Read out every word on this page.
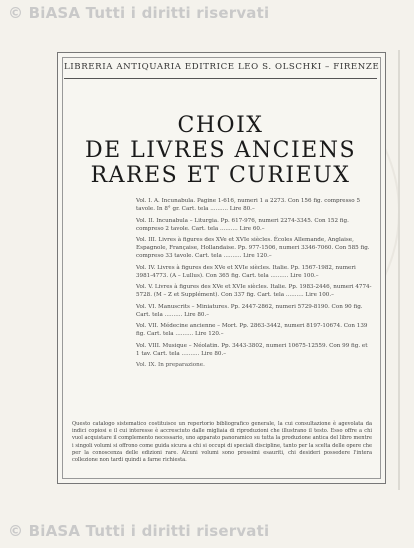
© BiASA Tutti i diritti riservati
LIBRERIA ANTIQUARIA EDITRICE LEO S. OLSCHKI – FIRENZE
CHOIX
DE LIVRES ANCIENS
RARES ET CURIEUX
Vol. I. A. Incunabula. Pagine 1-616, numeri 1 a 2273. Con 156 fig. compresso 5 tavole. In 8° gr. Cart. tela .......... Lire 80.–
Vol. II. Incunabula – Liturgia. Pp. 617-976, numeri 2274-3345. Con 152 fig. compreso 2 tavole. Cart. tela .......... Lire 60.–
Vol. III. Livres à figures des XVe et XVIe siècles. Écoles Allemande, Anglaise, Espagnole, Française, Hollandaise. Pp. 977-1506, numeri 3346-7060. Con 585 fig. compreso 33 tavole. Cart. tela .......... Lire 120.–
Vol. IV. Livres à figures des XVe et XVIe siècles. Italie. Pp. 1567-1982, numeri 3981-4773. (A – Lullus). Con 365 fig. Cart. tela .......... Lire 100.–
Vol. V. Livres à figures des XVe et XVIe siècles. Italie. Pp. 1983-2446, numeri 4774-5728. (M – Z et Supplément). Con 337 fig. Cart. tela .......... Lire 100.–
Vol. VI. Manuscrits – Miniatures. Pp. 2447-2862, numeri 5729-8190. Con 90 fig. Cart. tela .......... Lire 80.–
Vol. VII. Médecine ancienne – Mort. Pp. 2863-3442, numeri 8197-10674. Con 139 fig. Cart. tela .......... Lire 120.–
Vol. VIII. Musique – Néolatin. Pp. 3443-3802, numeri 10675-12559. Con 99 fig. et 1 tav. Cart. tela .......... Lire 80.–
Vol. IX. In preparazione.
Questo catalogo sistematico costituisce un repertorio bibliografico generale, la cui consultazione è agevolata da indici copiosi e il cui interesse è accresciuto dalle migliaia di riproduzioni che illustrano il testo. Esso offre a chi vuol acquistare il complemento necessario, uno apparato panoramico su tutta la produzione antica del libro mentre i singoli volumi si offrono come guida sicura a chi si occupi di speciali discipline, tanto per la scelta delle opere che per la conoscenza delle edizioni rare. Alcuni volumi sono prossimi esauriti, chi desideri possedere l'intera collezione non tardi quindi a farne richiesta.
© BiASA Tutti i diritti riservati
